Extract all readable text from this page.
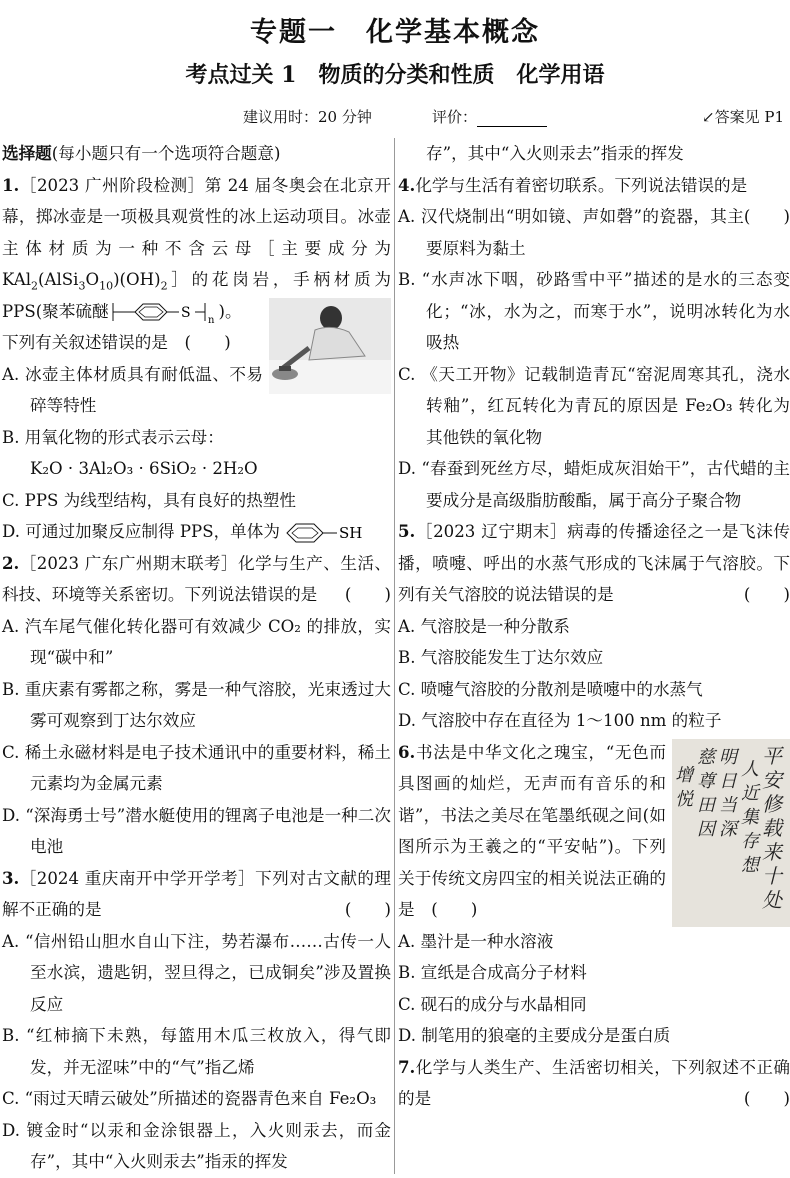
专题一　化学基本概念
考点过关 1　物质的分类和性质　化学用语
建议用时：20 分钟	评价：	↙答案见 P1

选择题(每小题只有一个选项符合题意)

1.［2023 广州阶段检测］第 24 届冬奥会在北京开幕，掷冰壶是一项极具观赏性的冰上运动项目。冰壶主体材质为一种不含云母［主要成分为 $KAl_2(AlSi_3O_{10})(OH)_2]$的花岗岩，手柄材质为 PPS(聚苯硫醚	S n )。
下列有关叙述错误的是　 (　　)

A. 冰壶主体材质具有耐低温、不易碎等特性

B. 用氧化物的形式表示云母：

K₂O · 3Al₂O₃ · 6SiO₂ · 2H₂O

C. PPS 为线型结构，具有良好的热塑性

D. 可通过加聚反应制得 PPS，单体为	SH

2.［2023 广东广州期末联考］化学与生产、生活、科技、环境等关系密切。下列说法错误的是 (　　)

A. 汽车尾气催化转化器可有效减少 CO₂ 的排放，实现“碳中和”

B. 重庆素有雾都之称，雾是一种气溶胶，光束透过大雾可观察到丁达尔效应

C. 稀土永磁材料是电子技术通讯中的重要材料，稀土元素均为金属元素

D. “深海勇士号”潜水艇使用的锂离子电池是一种二次电池

3.［2024 重庆南开中学开学考］下列对古文献的理解不正确的是	(　　)

A. “信州铅山胆水自山下注，势若瀑布……古传一人至水滨，遗匙钥，翌旦得之，已成铜矣”涉及置换反应

B. “红柿摘下未熟，每篮用木瓜三枚放入，得气即发，并无涩味”中的“气”指乙烯

C. “雨过天晴云破处”所描述的瓷器青色来自 Fe₂O₃

D. 镀金时“以汞和金涂银器上，入火则汞去，而金存”，其中“入火则汞去”指汞的挥发

存”，其中“入火则汞去”指汞的挥发

4.化学与生活有着密切联系。下列说法错误的是

(　　)

A. 汉代烧制出“明如镜、声如磬”的瓷器，其主要原料为黏土

B. “水声冰下咽，砂路雪中平”描述的是水的三态变化；“冰，水为之，而寒于水”，说明冰转化为水吸热

C. 《天工开物》记载制造青瓦“窑泥周寒其孔，浇水转釉”，红瓦转化为青瓦的原因是 Fe₂O₃ 转化为其他铁的氧化物

D. “春蚕到死丝方尽，蜡炬成灰泪始干”，古代蜡的主要成分是高级脂肪酸酯，属于高分子聚合物

5.［2023 辽宁期末］病毒的传播途径之一是飞沫传播，喷嚏、呼出的水蒸气形成的飞沫属于气溶胶。下列有关气溶胶的说法错误的是	(　　)

A. 气溶胶是一种分散系

B. 气溶胶能发生丁达尔效应

C. 喷嚏气溶胶的分散剂是喷嚏中的水蒸气

D. 气溶胶中存在直径为 1～100 nm 的粒子

平
安
修
载
来
十
处
人
近
集
存
想
明
日
当
深
慈
尊
田
因
增
悦

6.书法是中华文化之瑰宝，“无色而具图画的灿烂，无声而有音乐的和谐”，书法之美尽在笔墨纸砚之间(如图所示为王羲之的“平安帖”)。下列关于传统文房四宝的相关说法正确的是　 (　　)

A. 墨汁是一种水溶液

B. 宣纸是合成高分子材料

C. 砚石的成分与水晶相同

D. 制笔用的狼毫的主要成分是蛋白质

7.化学与人类生产、生活密切相关，下列叙述不正确的是	(　　)
